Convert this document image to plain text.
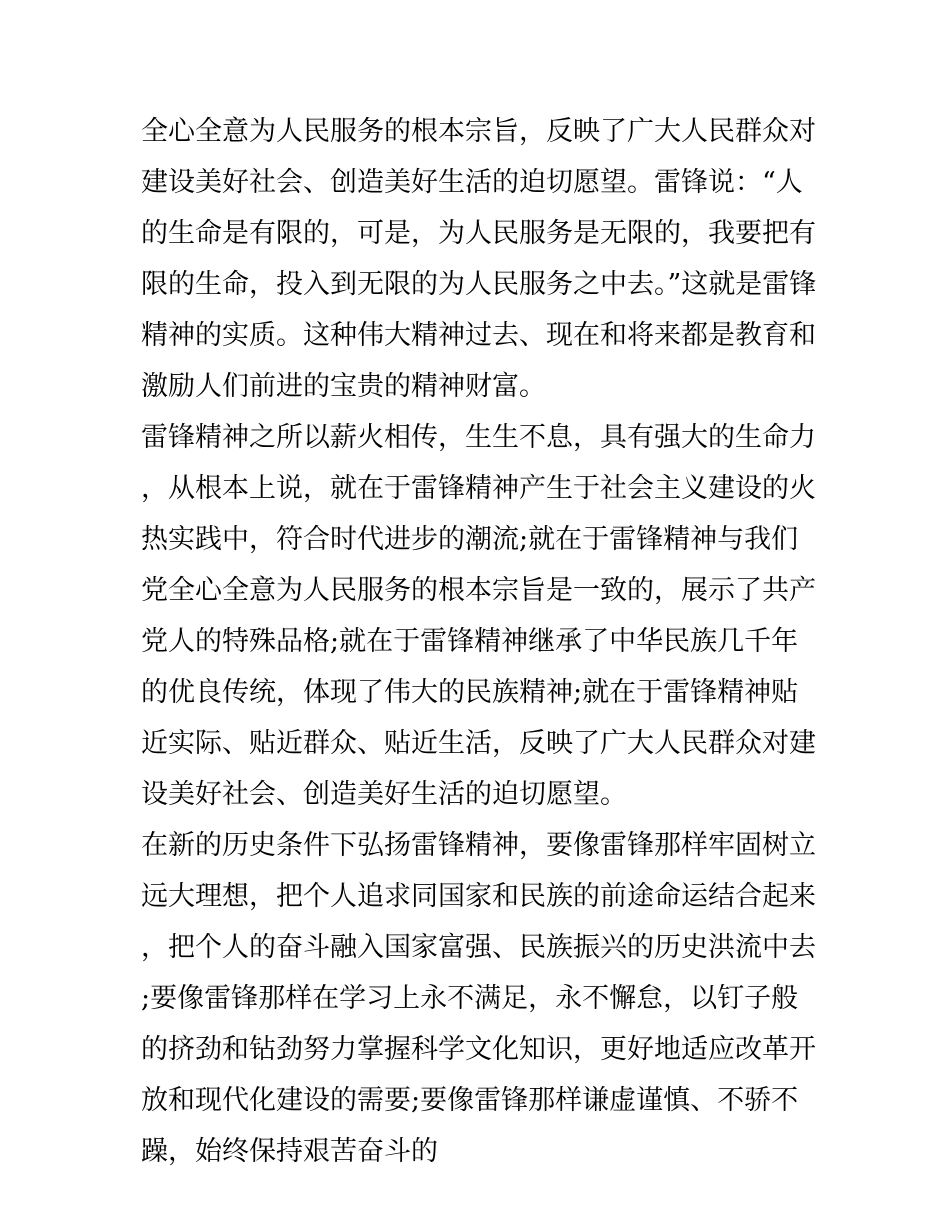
全心全意为人民服务的根本宗旨，反映了广大人民群众对建设美好社会、创造美好生活的迫切愿望。雷锋说：“人的生命是有限的，可是，为人民服务是无限的，我要把有限的生命，投入到无限的为人民服务之中去。”这就是雷锋精神的实质。这种伟大精神过去、现在和将来都是教育和激励人们前进的宝贵的精神财富。

雷锋精神之所以薪火相传，生生不息，具有强大的生命力，从根本上说，就在于雷锋精神产生于社会主义建设的火热实践中，符合时代进步的潮流;就在于雷锋精神与我们党全心全意为人民服务的根本宗旨是一致的，展示了共产党人的特殊品格;就在于雷锋精神继承了中华民族几千年的优良传统，体现了伟大的民族精神;就在于雷锋精神贴近实际、贴近群众、贴近生活，反映了广大人民群众对建设美好社会、创造美好生活的迫切愿望。

在新的历史条件下弘扬雷锋精神，要像雷锋那样牢固树立远大理想，把个人追求同国家和民族的前途命运结合起来，把个人的奋斗融入国家富强、民族振兴的历史洪流中去;要像雷锋那样在学习上永不满足，永不懈怠，以钉子般的挤劲和钻劲努力掌握科学文化知识，更好地适应改革开放和现代化建设的需要;要像雷锋那样谦虚谨慎、不骄不躁，始终保持艰苦奋斗的
